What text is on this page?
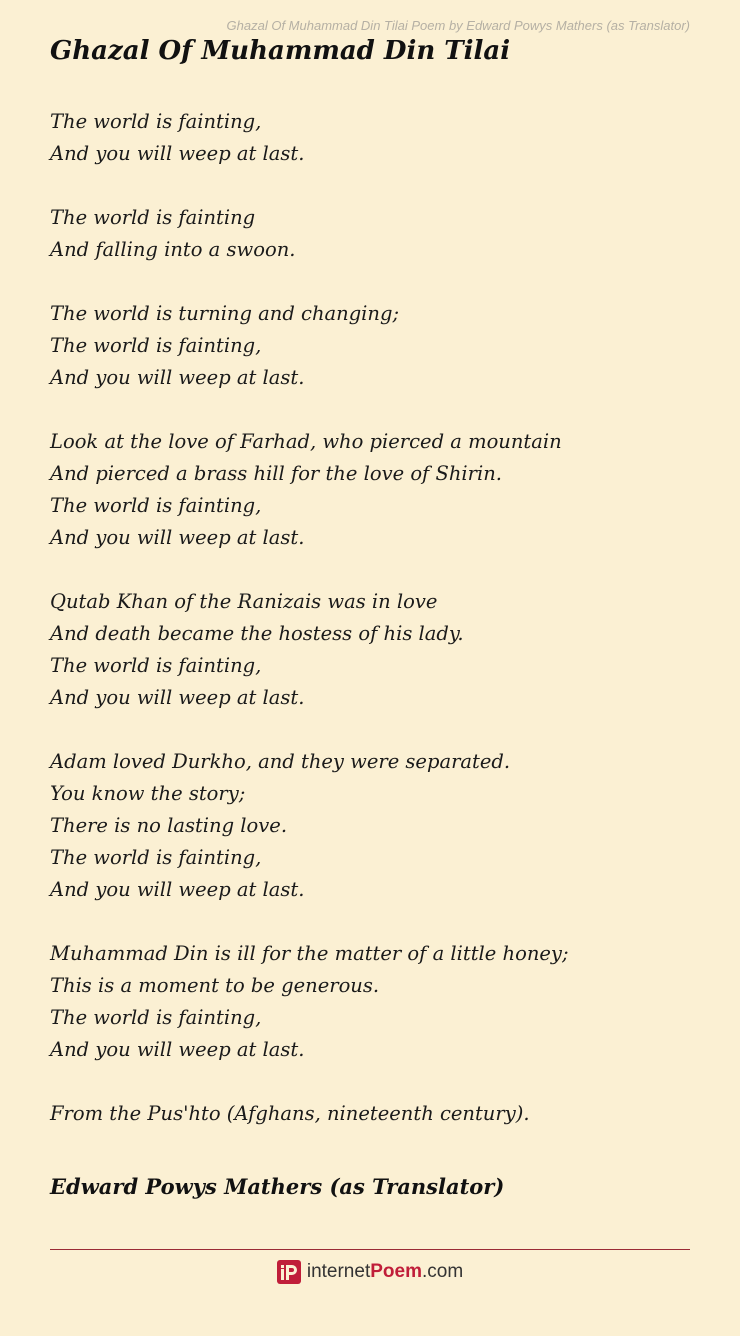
Ghazal Of Muhammad Din Tilai Poem by Edward Powys Mathers (as Translator)
Ghazal Of Muhammad Din Tilai
The world is fainting,
And you will weep at last.
The world is fainting
And falling into a swoon.
The world is turning and changing;
The world is fainting,
And you will weep at last.
Look at the love of Farhad, who pierced a mountain
And pierced a brass hill for the love of Shirin.
The world is fainting,
And you will weep at last.
Qutab Khan of the Ranizais was in love
And death became the hostess of his lady.
The world is fainting,
And you will weep at last.
Adam loved Durkho, and they were separated.
You know the story;
There is no lasting love.
The world is fainting,
And you will weep at last.
Muhammad Din is ill for the matter of a little honey;
This is a moment to be generous.
The world is fainting,
And you will weep at last.
From the Pus'hto (Afghans, nineteenth century).
Edward Powys Mathers (as Translator)
internet Poem .com
